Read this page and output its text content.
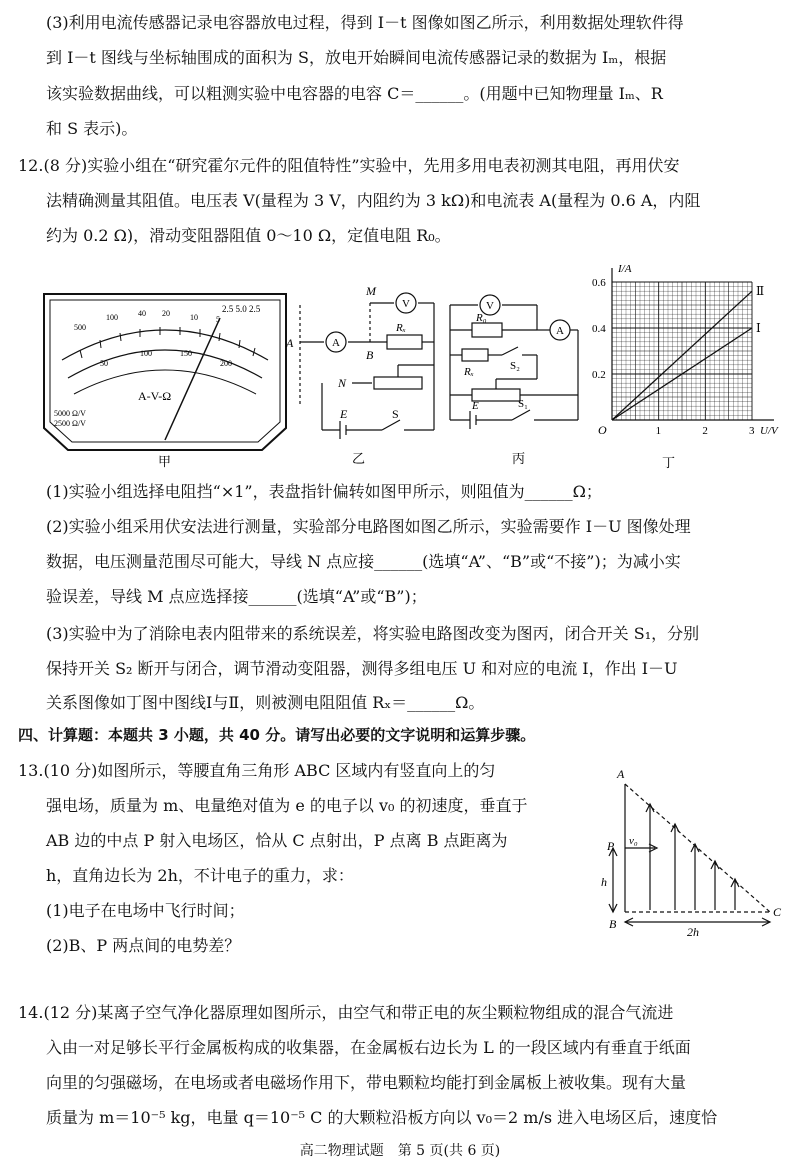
(3)利用电流传感器记录电容器放电过程，得到 I－t 图像如图乙所示，利用数据处理软件得
到 I－t 图线与坐标轴围成的面积为 S，放电开始瞬间电流传感器记录的数据为 Iₘ，根据
该实验数据曲线，可以粗测实验中电容器的电容 C＝______。(用题中已知物理量 Iₘ、R
和 S 表示)。
12.(8 分)实验小组在“研究霍尔元件的阻值特性”实验中，先用多用电表初测其电阻，再用伏安
法精确测量其阻值。电压表 V(量程为 3 V，内阻约为 3 kΩ)和电流表 A(量程为 0.6 A，内阻
约为 0.2 Ω)，滑动变阻器阻值 0～10 Ω，定值电阻 R₀。
(1)实验小组选择电阻挡“×1”，表盘指针偏转如图甲所示，则阻值为______Ω；
(2)实验小组采用伏安法进行测量，实验部分电路图如图乙所示，实验需要作 I－U 图像处理
数据，电压测量范围尽可能大，导线 N 点应接______(选填“A”、“B”或“不接”)；为减小实
验误差，导线 M 点应选择接______(选填“A”或“B”)；
(3)实验中为了消除电表内阻带来的系统误差，将实验电路图改变为图丙，闭合开关 S₁，分别
保持开关 S₂ 断开与闭合，调节滑动变阻器，测得多组电压 U 和对应的电流 I，作出 I－U
关系图像如丁图中图线Ⅰ与Ⅱ，则被测电阻阻值 Rₓ＝______Ω。
四、计算题：本题共 3 小题，共 40 分。请写出必要的文字说明和运算步骤。
13.(10 分)如图所示，等腰直角三角形 ABC 区域内有竖直向上的匀
强电场，质量为 m、电量绝对值为 e 的电子以 v₀ 的初速度，垂直于
AB 边的中点 P 射入电场区，恰从 C 点射出，P 点离 B 点距离为
h，直角边长为 2h，不计电子的重力，求：
(1)电子在电场中飞行时间；
(2)B、P 两点间的电势差？
14.(12 分)某离子空气净化器原理如图所示，由空气和带正电的灰尘颗粒物组成的混合气流进
入由一对足够长平行金属板构成的收集器，在金属板右边长为 L 的一段区域内有垂直于纸面
向里的匀强磁场，在电场或者电磁场作用下，带电颗粒均能打到金属板上被收集。现有大量
质量为 m＝10⁻⁵ kg，电量 q＝10⁻⁵ C 的大颗粒沿板方向以 v₀＝2 m/s 进入电场区后，速度恰
高二物理试题　第 5 页(共 6 页)
500
100	40 20	10 5
2.5 5.0 2.5
50
100	150
200
A-V-Ω
5000 Ω/V
2500 Ω/V
甲
M
A
B
N
E	S
A
V
Rₓ
乙
R₀
Rₓ	S₂
E	S₁
V
A
丙
Ⅱ
Ⅰ
1	2	3
0.2
0.4
0.6
I/A
U/V
O
丁
A
P
B
C
h
2h
v₀
